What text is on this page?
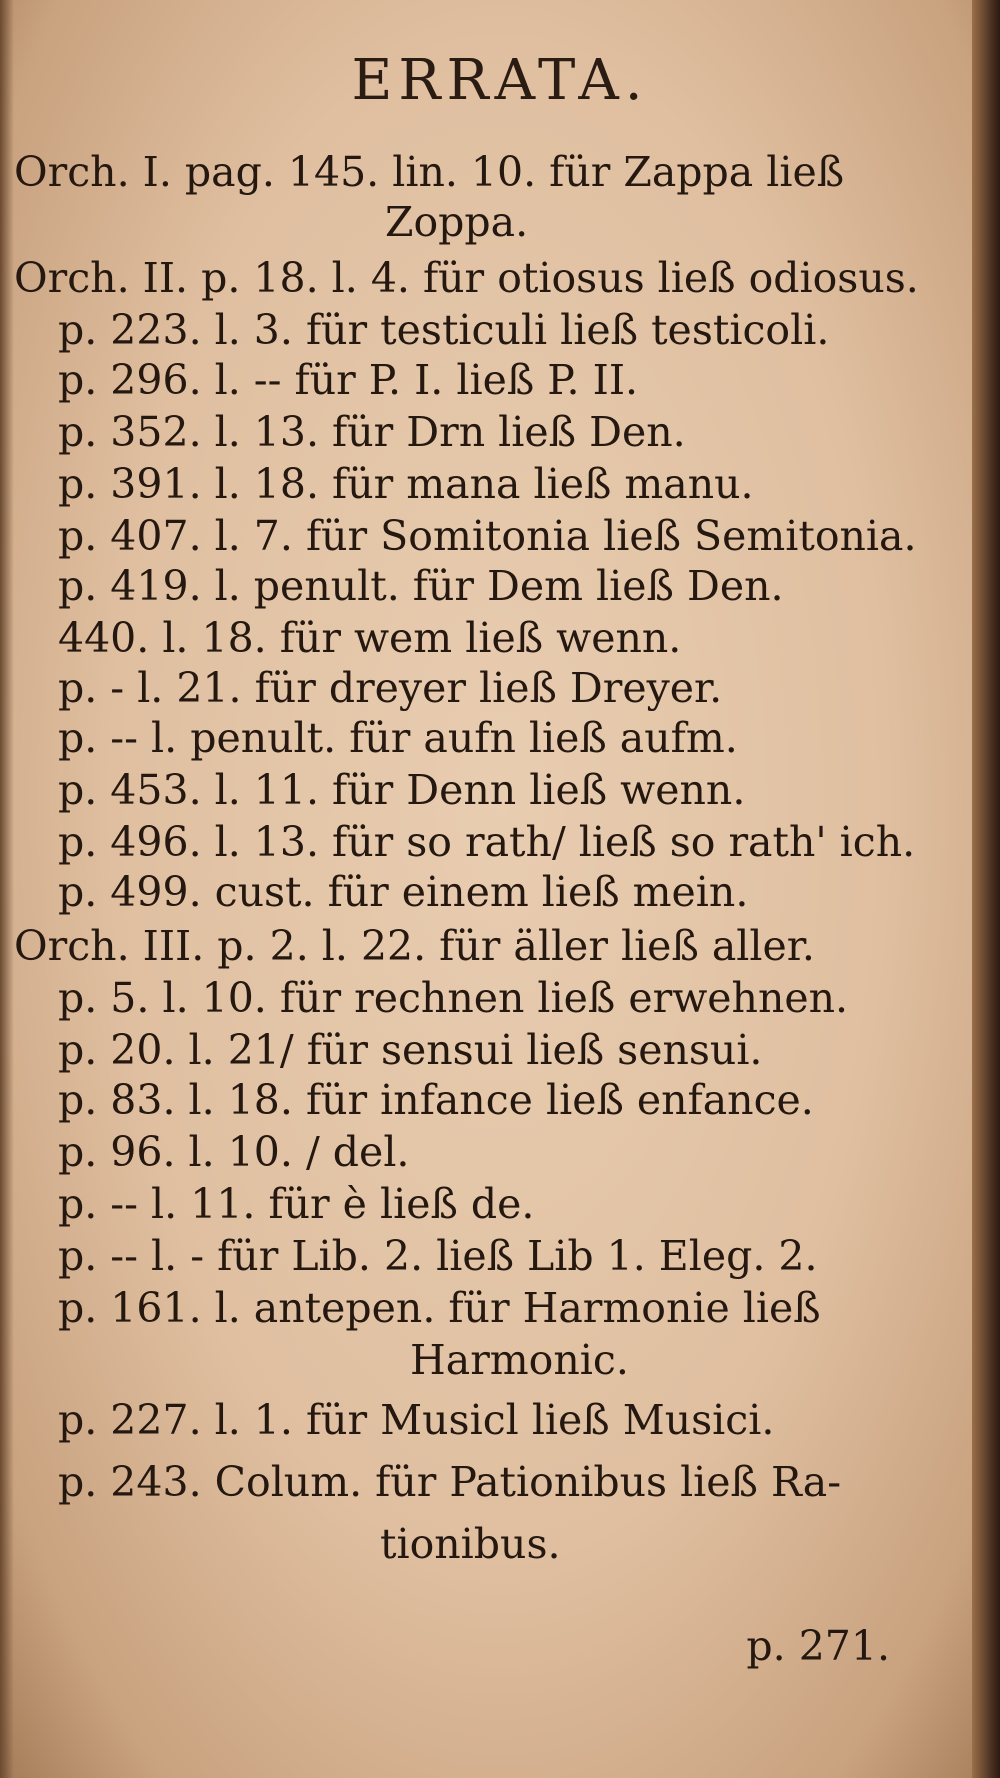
ERRATA.
Orch. I. pag. 145. lin. 10. für Zappa ließ
Zoppa.
Orch. II. p. 18. l. 4. für otiosus ließ odiosus.
p. 223. l. 3. für testiculi ließ testicoli.
p. 296. l. -- für P. I. ließ P. II.
p. 352. l. 13. für Drn ließ Den.
p. 391. l. 18. für mana ließ manu.
p. 407. l. 7. für Somitonia ließ Semitonia.
p. 419. l. penult. für Dem ließ Den.
440. l. 18. für wem ließ wenn.
p. - l. 21. für dreyer ließ Dreyer.
p. -- l. penult. für aufn ließ aufm.
p. 453. l. 11. für Denn ließ wenn.
p. 496. l. 13. für so rath/ ließ so rath' ich.
p. 499. cust. für einem ließ mein.
Orch. III. p. 2. l. 22. für äller ließ aller.
p. 5. l. 10. für rechnen ließ erwehnen.
p. 20. l. 21/ für sensui ließ sensui.
p. 83. l. 18. für infance ließ enfance.
p. 96. l. 10. / del.
p. -- l. 11. für è ließ de.
p. -- l. - für Lib. 2. ließ Lib 1. Eleg. 2.
p. 161. l. antepen. für Harmonie ließ
Harmonic.
p. 227. l. 1. für Musicl ließ Musici.
p. 243. Colum. für Pationibus ließ Ra-
tionibus.
p. 271.
